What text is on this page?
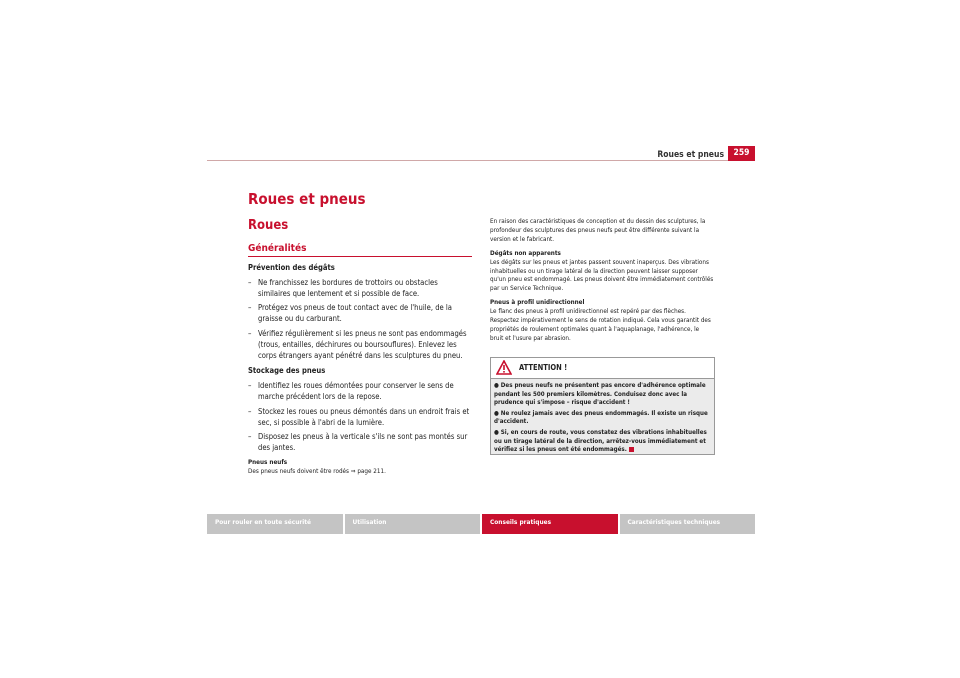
Roues et pneus	259
Roues et pneus
Roues
Généralités

Prévention des dégâts

– Ne franchissez les bordures de trottoirs ou obstacles similaires que lentement et si possible de face.

– Protégez vos pneus de tout contact avec de l'huile, de la graisse ou du carburant.

– Vérifiez régulièrement si les pneus ne sont pas endommagés (trous, entailles, déchirures ou boursouflures). Enlevez les corps étrangers ayant pénétré dans les sculptures du pneu.

Stockage des pneus

– Identifiez les roues démontées pour conserver le sens de marche précédent lors de la repose.

– Stockez les roues ou pneus démontés dans un endroit frais et sec, si possible à l'abri de la lumière.

– Disposez les pneus à la verticale s'ils ne sont pas montés sur des jantes.

Pneus neufs

Des pneus neufs doivent être rodés ⇒ page 211.

En raison des caractéristiques de conception et du dessin des sculptures, la profondeur des sculptures des pneus neufs peut être différente suivant la version et le fabricant.

Dégâts non apparents

Les dégâts sur les pneus et jantes passent souvent inaperçus. Des vibrations inhabituelles ou un tirage latéral de la direction peuvent laisser supposer qu'un pneu est endommagé. Les pneus doivent être immédiatement contrôlés par un Service Technique.

Pneus à profil unidirectionnel

Le flanc des pneus à profil unidirectionnel est repéré par des flèches. Respectez impérativement le sens de rotation indiqué. Cela vous garantit des propriétés de roulement optimales quant à l'aquaplanage, l'adhérence, le bruit et l'usure par abrasion.

ATTENTION !

● Des pneus neufs ne présentent pas encore d'adhérence optimale pendant les 500 premiers kilomètres. Conduisez donc avec la prudence qui s'impose – risque d'accident !

● Ne roulez jamais avec des pneus endommagés. Il existe un risque d'accident.

● Si, en cours de route, vous constatez des vibrations inhabituelles ou un tirage latéral de la direction, arrêtez-vous immédiatement et vérifiez si les pneus ont été endommagés.

Pour rouler en toute sécurité	Utilisation	Conseils pratiques	Caractéristiques techniques
